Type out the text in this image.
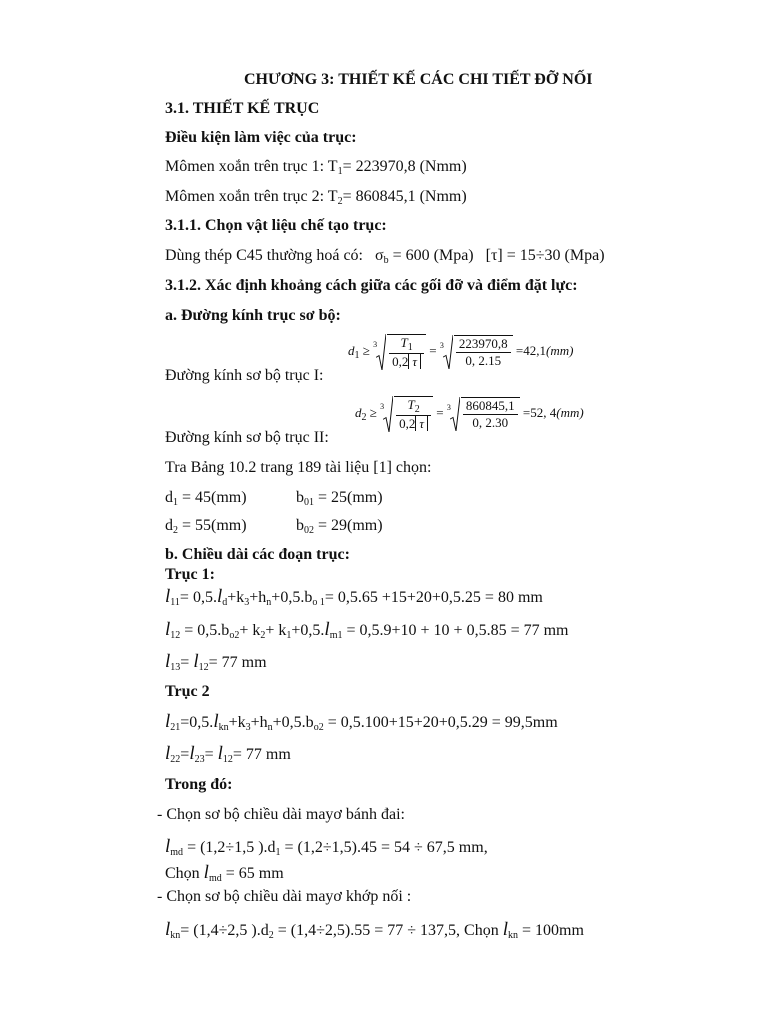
CHƯƠNG 3: THIẾT KẾ CÁC CHI TIẾT ĐỠ NỐI
3.1. THIẾT KẾ TRỤC
Điều kiện làm việc của trục:
Mômen xoắn trên trục 1: $T_1= 223970,8$ (Nmm)
Mômen xoắn trên trục 2: $T_2= 860845,1$ (Nmm)
3.1.1. Chọn vật liệu chế tạo trục:
Dùng thép C45 thường hoá có: $\sigma_b = 600$ (Mpa) [τ] = 15÷30 (Mpa)
3.1.2. Xác định khoảng cách giữa các gối đỡ và điểm đặt lực:
a. Đường kính trục sơ bộ:
$d_1 \ge 3 \frac{T_1}{0,2 \tau} = 3 \frac{223970,8}{0, 2.15} =42,1(mm)$
Đường kính sơ bộ trục I:
$d_2 \ge 3 \frac{T_2}{0,2 \tau} = 3 \frac{860845,1}{0, 2.30} =52$, 4(mm)
Đường kính sơ bộ trục II:
Tra Bảng 10.2 trang 189 tài liệu [1] chọn:
$d_1 = 45(mm)$	$b_{01} = 25(mm)$
$d_2 = 55(mm)$	$b_{02} = 29(mm)$
b. Chiều dài các đoạn trục:
Trục 1:
$l_{11}= 0,5.l_d+k_3+h_n+0,5.b_{o 1}= 0,5.65 +15+20+0,5.25 = 80$ mm
$l_{12} = 0,5.b_{o2}+ k_2+ k_1+0,5.l_{m1} = 0,5.9+10 + 10 + 0,5.85 = 77$ mm
$l_{13}= l_{12}= 77$ mm
Trục 2
$l_{21}=0,5.l_{kn}+k_3+h_n+0,5.b_{o2} = 0,5.100+15+20+0,5.29 = 99,5mm$
$l_{22}=l_{23}= l_{12}= 77$ mm
Trong đó:
- Chọn sơ bộ chiều dài mayơ bánh đai:
$l_{md} = (1,2\div 1,5$ )$.d_1 = (1,2\div 1,5).45 = 54 \div 67,5$ mm,
Chọn $l_{md} = 65$ mm
- Chọn sơ bộ chiều dài mayơ khớp nối :
$l_{kn}= (1,4\div 2,5$ )$.d_2 = (1,4\div 2,5).55 = 77 \div 137,5$, Chọn $l_{kn} = 100mm$
